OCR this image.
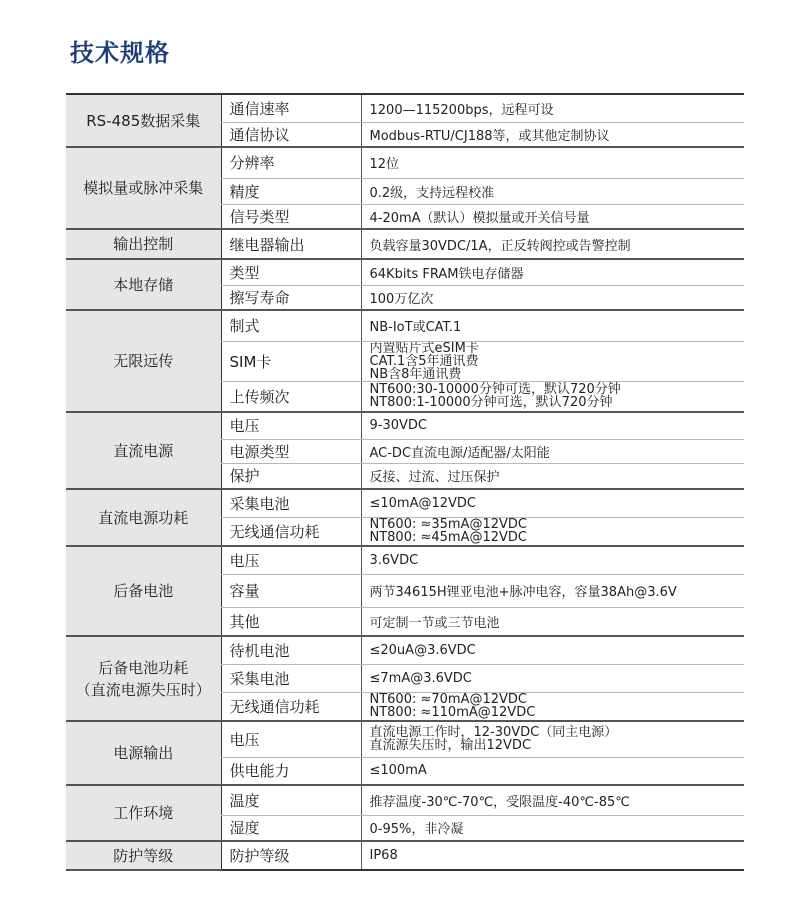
技术规格
RS-485数据采集	通信速率	1200—115200bps，远程可设
	通信协议	Modbus-RTU/CJ188等，或其他定制协议

模拟量或脉冲采集	分辨率	12位
	精度	0.2级，支持远程校准
	信号类型	4-20mA（默认）模拟量或开关信号量

输出控制	继电器输出	负载容量30VDC/1A，正反转阀控或告警控制

本地存储	类型	64Kbits FRAM铁电存储器
	擦写寿命	100万亿次

无限远传	制式	NB-IoT或CAT.1
	SIM卡	内置贴片式eSIM卡
CAT.1含5年通讯费
NB含8年通讯费

	上传频次	NT600:30-10000分钟可选，默认720分钟
NT800:1-10000分钟可选，默认720分钟

直流电源	电压	9-30VDC
	电源类型	AC-DC直流电源/适配器/太阳能
	保护	反接、过流、过压保护

直流电源功耗	采集电池	≤10mA@12VDC
	无线通信功耗	NT600: ≈35mA@12VDC
NT800: ≈45mA@12VDC

后备电池	电压	3.6VDC
	容量	两节34615H锂亚电池+脉冲电容，容量38Ah@3.6V
	其他	可定制一节或三节电池

后备电池功耗
（直流电源失压时）	待机电池	≤20uA@3.6VDC
	采集电池	≤7mA@3.6VDC
	无线通信功耗	NT600: ≈70mA@12VDC
NT800: ≈110mA@12VDC

电源输出	电压	直流电源工作时，12-30VDC（同主电源）
直流源失压时，输出12VDC

	供电能力	≤100mA

工作环境	温度	推荐温度-30℃-70℃，受限温度-40℃-85℃
	湿度	0-95%，非冷凝

防护等级	防护等级	IP68
